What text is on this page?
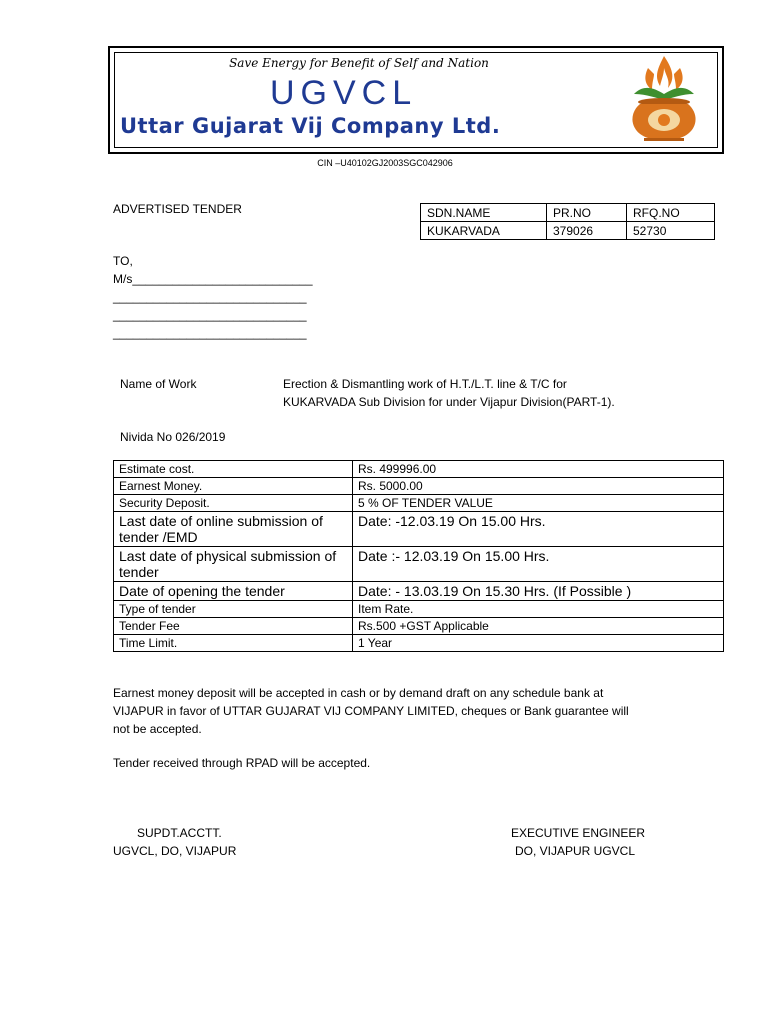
Save Energy for Benefit of Self and Nation
UGVCL
Uttar Gujarat Vij Company Ltd.
CIN –U40102GJ2003SGC042906
ADVERTISED TENDER	SDN.NAME	PR.NO	RFQ.NO
KUKARVADA	379026	52730
TO,
M/s___________________________
_____________________________
_____________________________
_____________________________
Name of Work	Erection & Dismantling work of H.T./L.T. line & T/C for
KUKARVADA Sub Division for under Vijapur Division(PART-1).
Nivida No 026/2019
Estimate cost.	Rs. 499996.00
Earnest Money.	Rs. 5000.00
Security Deposit.	5 % OF TENDER VALUE
Last date of online submission of tender /EMD	Date: -12.03.19 On 15.00 Hrs.
Last date of physical submission of tender	Date :- 12.03.19 On 15.00 Hrs.
Date of opening the tender	Date: - 13.03.19 On 15.30 Hrs. (If Possible )
Type of tender	Item Rate.
Tender Fee	Rs.500 +GST Applicable
Time Limit.	1 Year
Earnest money deposit will be accepted in cash or by demand draft on any schedule bank at
VIJAPUR in favor of UTTAR GUJARAT VIJ COMPANY LIMITED, cheques or Bank guarantee will
not be accepted.
Tender received through RPAD will be accepted.
SUPDT.ACCTT.
UGVCL, DO, VIJAPUR
EXECUTIVE ENGINEER
DO, VIJAPUR UGVCL
